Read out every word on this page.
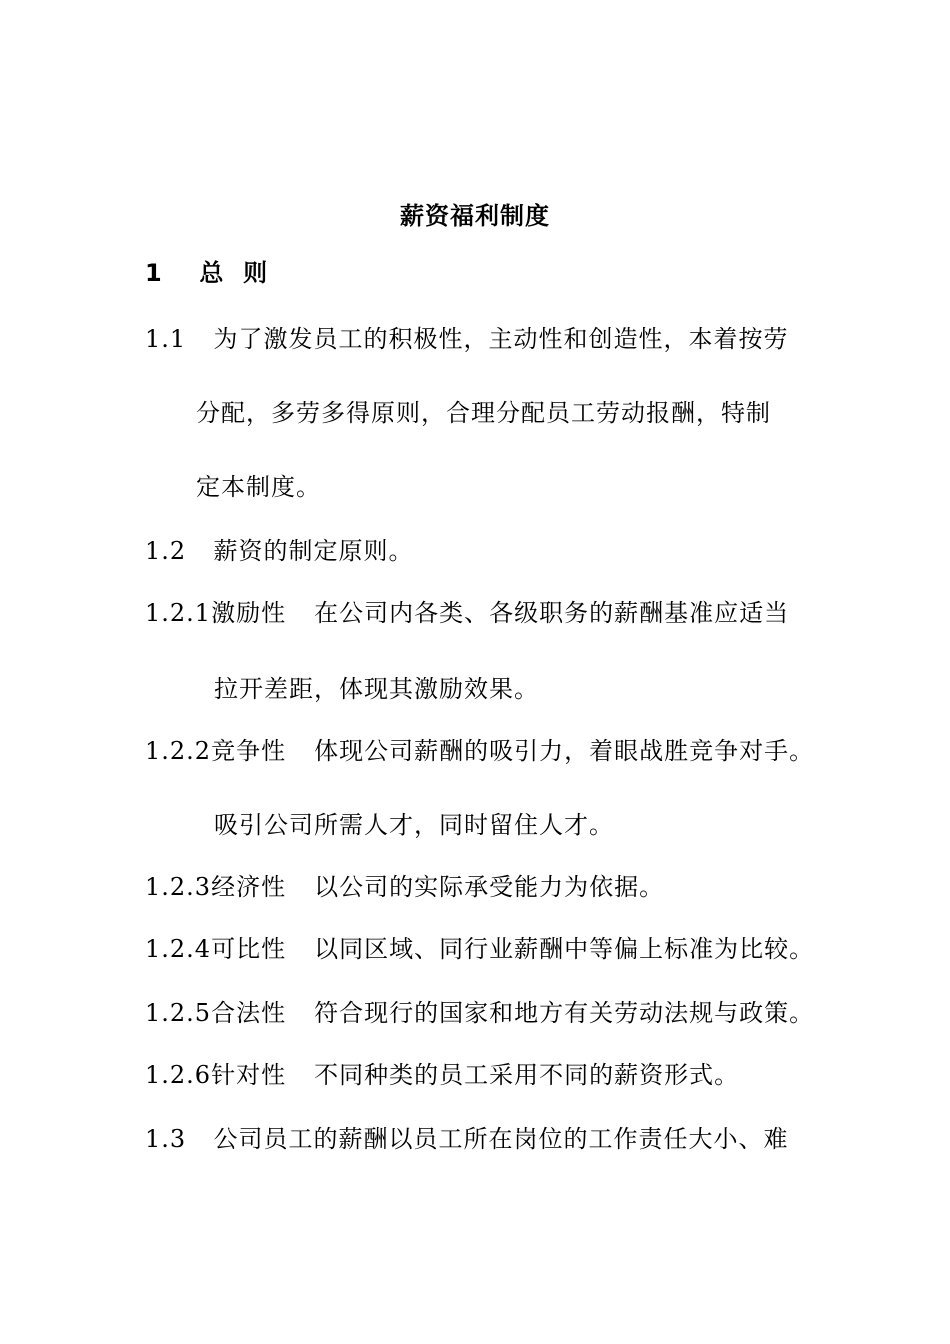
薪资福利制度
1 总  则
1.1 为了激发员工的积极性，主动性和创造性，本着按劳
分配，多劳多得原则，合理分配员工劳动报酬，特制
定本制度。
1.2 薪资的制定原则。
1.2.1激励性 在公司内各类、各级职务的薪酬基准应适当
拉开差距，体现其激励效果。
1.2.2竞争性 体现公司薪酬的吸引力，着眼战胜竞争对手。
吸引公司所需人才，同时留住人才。
1.2.3经济性 以公司的实际承受能力为依据。
1.2.4可比性 以同区域、同行业薪酬中等偏上标准为比较。
1.2.5合法性 符合现行的国家和地方有关劳动法规与政策。
1.2.6针对性 不同种类的员工采用不同的薪资形式。
1.3 公司员工的薪酬以员工所在岗位的工作责任大小、难
